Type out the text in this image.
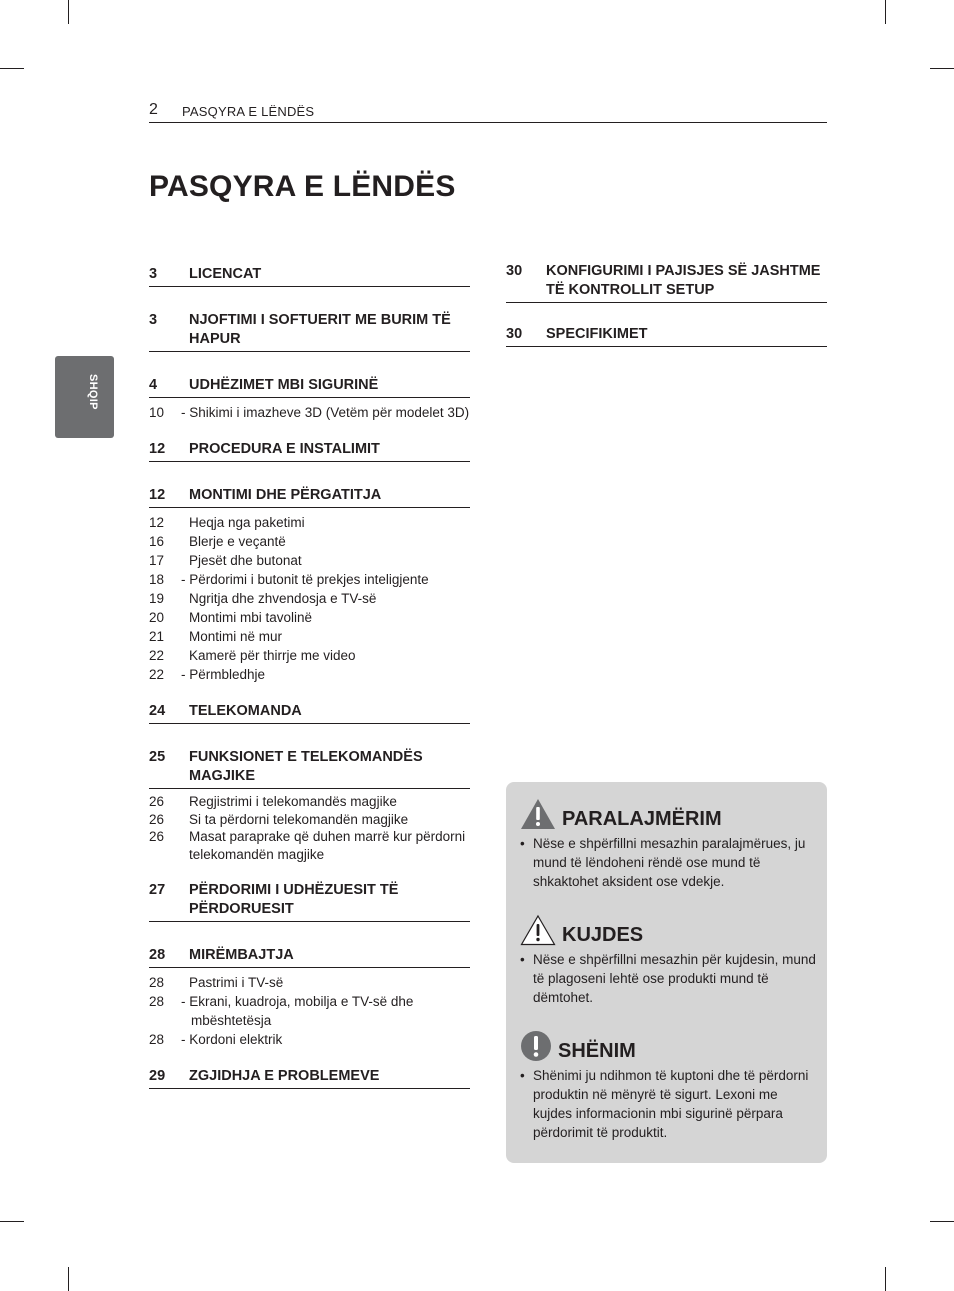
2 PASQYRA E LËNDËS
PASQYRA E LËNDËS
SHQIP
3	LICENCAT
3	NJOFTIMI I SOFTUERIT ME BURIM TË HAPUR
4	UDHËZIMET MBI SIGURINË
10	- Shikimi i imazheve 3D (Vetëm për modelet 3D)
12	PROCEDURA E INSTALIMIT
12	MONTIMI DHE PËRGATITJA
12	Heqja nga paketimi
16	Blerje e veçantë
17	Pjesët dhe butonat
18	- Përdorimi i butonit të prekjes inteligjente
19	Ngritja dhe zhvendosja e TV-së
20	Montimi mbi tavolinë
21	Montimi në mur
22	Kamerë për thirrje me video
22	- Përmbledhje
24	TELEKOMANDA
25	FUNKSIONET E TELEKOMANDËS MAGJIKE
26	Regjistrimi i telekomandës magjike
26	Si ta përdorni telekomandën magjike
26	Masat paraprake që duhen marrë kur përdorni telekomandën magjike
27	PËRDORIMI I UDHËZUESIT TË PËRDORUESIT
28	MIRËMBAJTJA
28	Pastrimi i TV-së
28	- Ekrani, kuadroja, mobilja e TV-së dhe mbështetësja
28	- Kordoni elektrik
29	ZGJIDHJA E PROBLEMEVE
30	KONFIGURIMI I PAJISJES SË JASHTME TË KONTROLLIT SETUP
30	SPECIFIKIMET
PARALAJMËRIM
• Nëse e shpërfillni mesazhin paralajmërues, ju mund të lëndoheni rëndë ose mund të shkaktohet aksident ose vdekje.
KUJDES
• Nëse e shpërfillni mesazhin për kujdesin, mund të plagoseni lehtë ose produkti mund të dëmtohet.
SHËNIM
• Shënimi ju ndihmon të kuptoni dhe të përdorni produktin në mënyrë të sigurt. Lexoni me kujdes informacionin mbi sigurinë përpara përdorimit të produktit.
